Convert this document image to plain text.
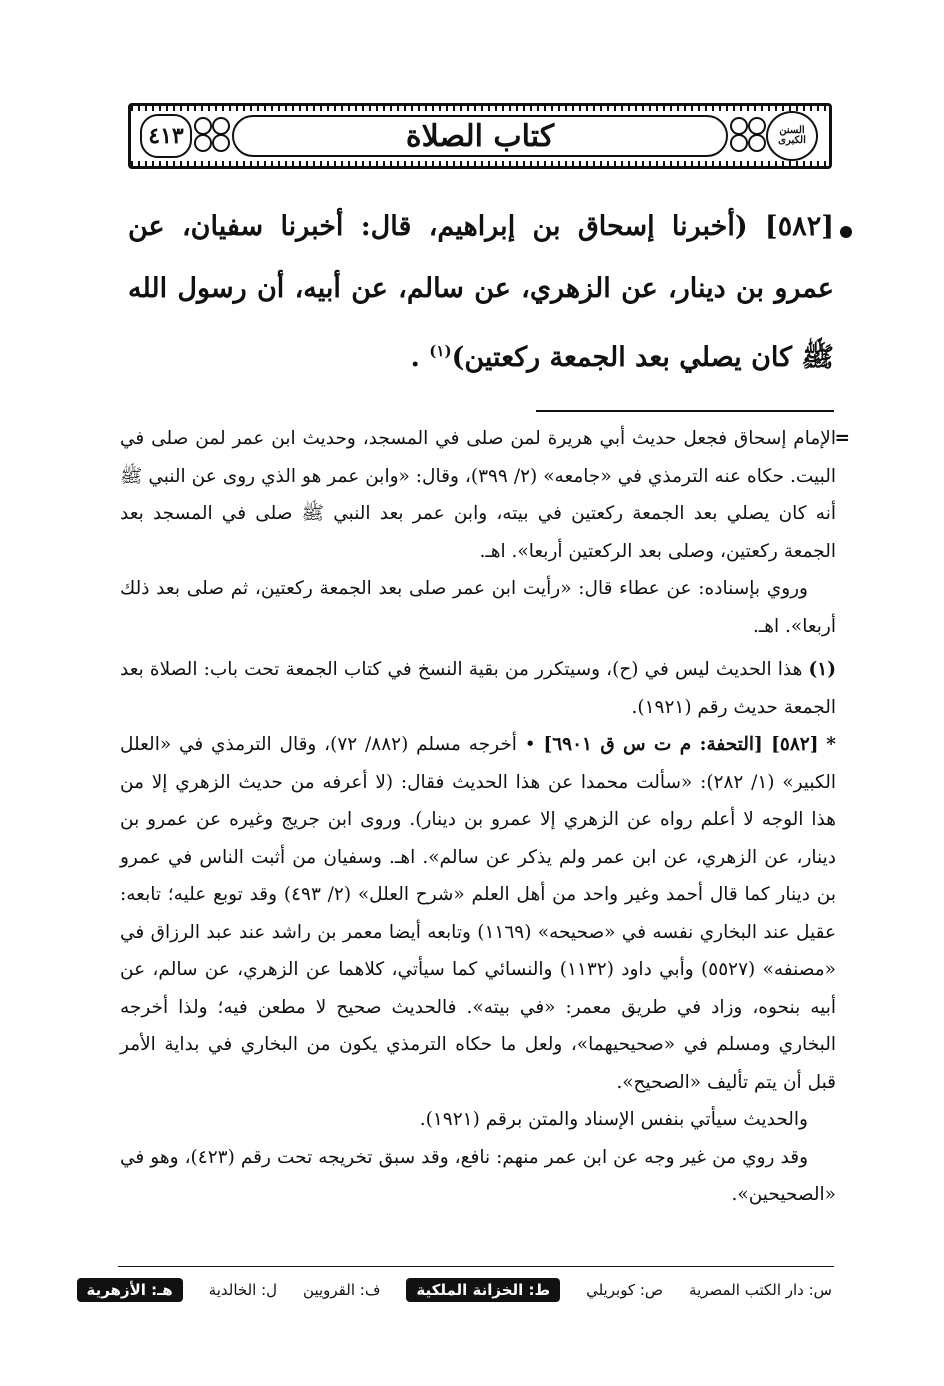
٤١٣	كتاب الصلاة	السنن الكبرى
[٥٨٢] (أخبرنا إسحاق بن إبراهيم، قال: أخبرنا سفيان، عن عمرو بن دينار، عن الزهري، عن سالم، عن أبيه، أن رسول الله ﷺ كان يصلي بعد الجمعة ركعتين)$^{(١)}$ .

=
الإمام إسحاق فجعل حديث أبي هريرة لمن صلى في المسجد، وحديث ابن عمر لمن صلى في البيت. حكاه عنه الترمذي في «جامعه» (٢/ ٣٩٩)، وقال: «وابن عمر هو الذي روى عن النبي ﷺ أنه كان يصلي بعد الجمعة ركعتين في بيته، وابن عمر بعد النبي ﷺ صلى في المسجد بعد الجمعة ركعتين، وصلى بعد الركعتين أربعا». اهـ.

وروي بإسناده: عن عطاء قال: «رأيت ابن عمر صلى بعد الجمعة ركعتين، ثم صلى بعد ذلك أربعا». اهـ.

(١) هذا الحديث ليس في (ح)، وسيتكرر من بقية النسخ في كتاب الجمعة تحت باب: الصلاة بعد الجمعة حديث رقم (١٩٢١).

* [٥٨٢] [التحفة: م ت س ق ٦٩٠١] • أخرجه مسلم (٨٨٢/ ٧٢)، وقال الترمذي في «العلل الكبير» (١/ ٢٨٢): «سألت محمدا عن هذا الحديث فقال: (لا أعرفه من حديث الزهري إلا من هذا الوجه لا أعلم رواه عن الزهري إلا عمرو بن دينار). وروى ابن جريج وغيره عن عمرو بن دينار، عن الزهري، عن ابن عمر ولم يذكر عن سالم». اهـ. وسفيان من أثبت الناس في عمرو بن دينار كما قال أحمد وغير واحد من أهل العلم «شرح العلل» (٢/ ٤٩٣) وقد توبع عليه؛ تابعه: عقيل عند البخاري نفسه في «صحيحه» (١١٦٩) وتابعه أيضا معمر بن راشد عند عبد الرزاق في «مصنفه» (٥٥٢٧) وأبي داود (١١٣٢) والنسائي كما سيأتي، كلاهما عن الزهري، عن سالم، عن أبيه بنحوه، وزاد في طريق معمر: «في بيته». فالحديث صحيح لا مطعن فيه؛ ولذا أخرجه البخاري ومسلم في «صحيحيهما»، ولعل ما حكاه الترمذي يكون من البخاري في بداية الأمر قبل أن يتم تأليف «الصحيح».

والحديث سيأتي بنفس الإسناد والمتن برقم (١٩٢١).

وقد روي من غير وجه عن ابن عمر منهم: نافع، وقد سبق تخريجه تحت رقم (٤٢٣)، وهو في «الصحيحين».

س: دار الكتب المصرية
ص: كوبريلي
ط: الخزانة الملكية
ف: القرويين
ل: الخالدية
هـ: الأزهرية
